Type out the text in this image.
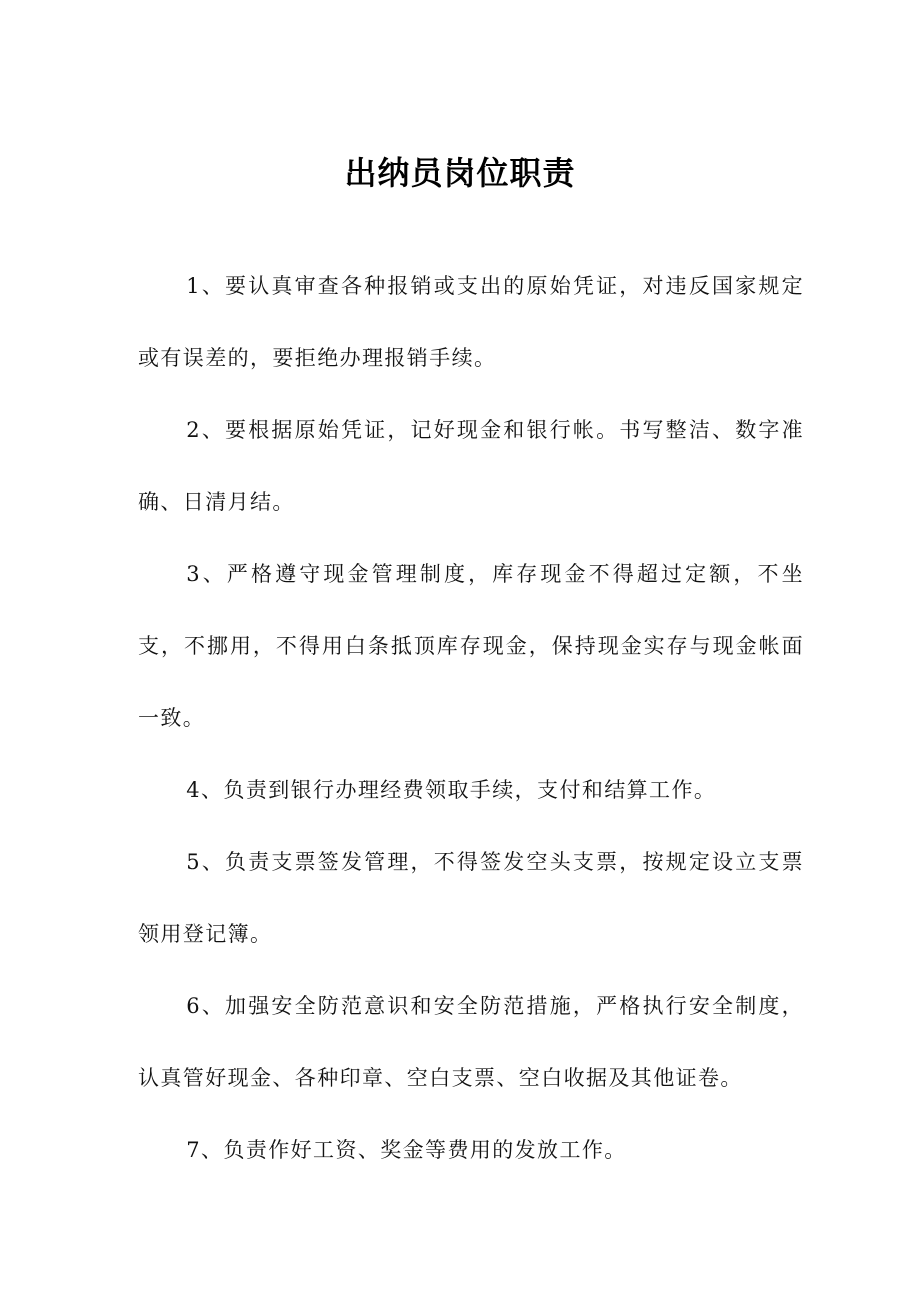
出纳员岗位职责

1、要认真审查各种报销或支出的原始凭证，对违反国家规定或有误差的，要拒绝办理报销手续。

2、要根据原始凭证，记好现金和银行帐。书写整洁、数字准确、日清月结。

3、严格遵守现金管理制度，库存现金不得超过定额，不坐支，不挪用，不得用白条抵顶库存现金，保持现金实存与现金帐面一致。

4、负责到银行办理经费领取手续，支付和结算工作。

5、负责支票签发管理，不得签发空头支票，按规定设立支票领用登记簿。

6、加强安全防范意识和安全防范措施，严格执行安全制度，认真管好现金、各种印章、空白支票、空白收据及其他证卷。

7、负责作好工资、奖金等费用的发放工作。
